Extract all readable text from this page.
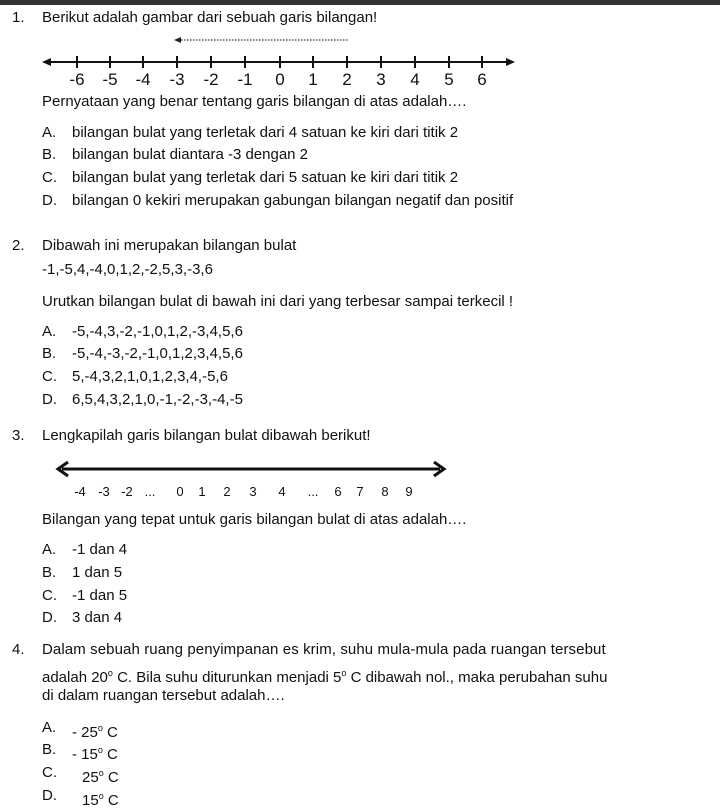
1. Berikut adalah gambar dari sebuah garis bilangan!
-6 -5 -4 -3 -2 -1 0 1 2 3 4 5 6
Pernyataan yang benar tentang garis bilangan di atas adalah….
A. bilangan bulat yang terletak dari 4 satuan ke kiri dari titik 2
B. bilangan bulat diantara -3 dengan 2
C. bilangan bulat yang terletak dari 5 satuan ke kiri dari titik 2
D. bilangan 0 kekiri merupakan gabungan bilangan negatif dan positif
2. Dibawah ini merupakan bilangan bulat
-1,-5,4,-4,0,1,2,-2,5,3,-3,6
Urutkan bilangan bulat di bawah ini dari yang terbesar sampai terkecil !
A. -5,-4,3,-2,-1,0,1,2,-3,4,5,6
B. -5,-4,-3,-2,-1,0,1,2,3,4,5,6
C. 5,-4,3,2,1,0,1,2,3,4,-5,6
D. 6,5,4,3,2,1,0,-1,-2,-3,-4,-5
3. Lengkapilah garis bilangan bulat dibawah berikut!
-4 -3 -2 ... 0 1 2 3 4 ... 6 7 8 9
Bilangan yang tepat untuk garis bilangan bulat di atas adalah….
A. -1 dan 4
B. 1 dan 5
C. -1 dan 5
D. 3 dan 4
4. Dalam sebuah ruang penyimpanan es krim, suhu mula-mula pada ruangan tersebut
adalah 20$^o$ C. Bila suhu diturunkan menjadi 5$^o$ C dibawah nol., maka perubahan suhu
di dalam ruangan tersebut adalah….
A. - 25$^o$ C
B. - 15$^o$ C
C. 25$^o$ C
D. 15$^o$ C
